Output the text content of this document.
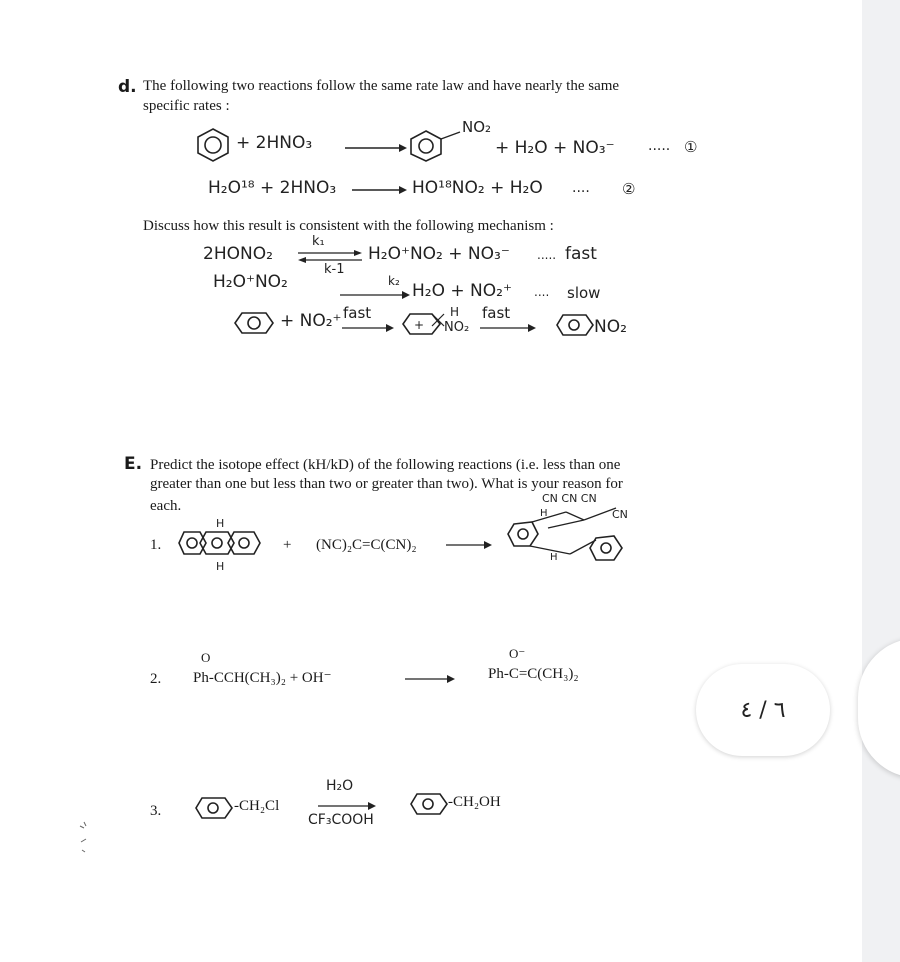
d. The following two reactions follow the same rate law and have nearly the same
specific rates :
+ 2HNO₃
NO₂
+ H₂O + NO₃⁻ ..... ①
H₂O¹⁸ + 2HNO₃ → HO¹⁸NO₂ + H₂O .... ②
Discuss how this result is consistent with the following mechanism :
2HONO₂
k₁
k-1
H₂O⁺NO₂ + NO₃⁻ ..... fast
H₂O⁺NO₂	k₂ H₂O + NO₂⁺ .... slow
+ NO₂⁺ fast
→ +
H
NO₂
fast
NO₂
E. Predict the isotope effect (kH/kD) of the following reactions (i.e. less than one
greater than one but less than two or greater than two). What is your reason for
each.
1.
H
H
+ (NC)₂C=C(CN)₂
CN CN CN
CN
H
H
2.
O
Ph-CCH(CH₃)₂ + OH⁻
O⁻
Ph-C=C(CH₃)₂
3.	-CH₂Cl
H₂O
CF₃COOH
-CH₂OH
٦ / ٤
